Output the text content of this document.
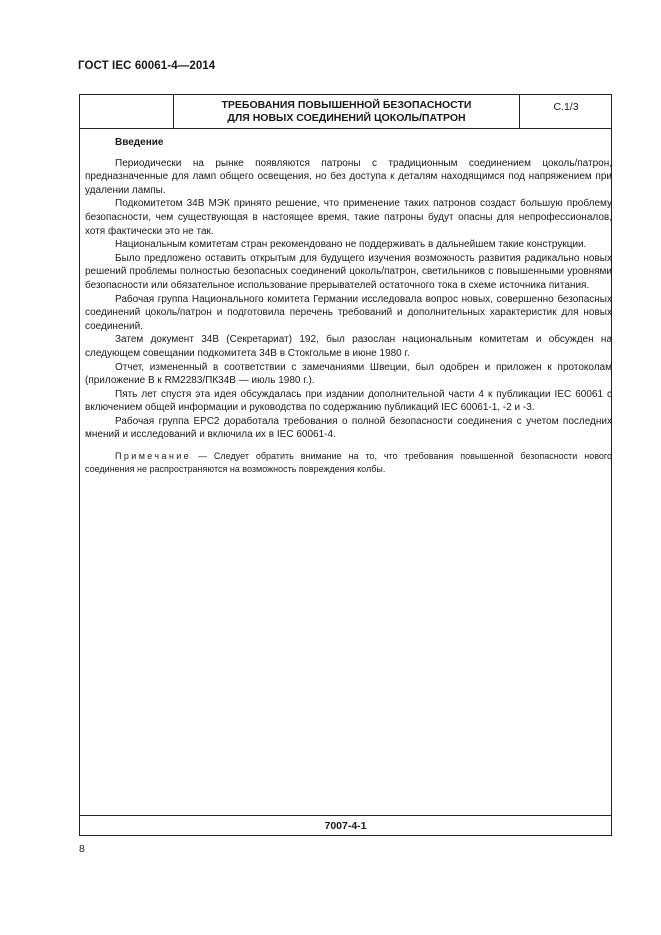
ГОСТ IEC 60061-4—2014
ТРЕБОВАНИЯ ПОВЫШЕННОЙ БЕЗОПАСНОСТИ
ДЛЯ НОВЫХ СОЕДИНЕНИЙ ЦОКОЛЬ/ПАТРОН
С.1/3

Введение

Периодически на рынке появляются патроны с традиционным соединением цоколь/патрон, предназначенные для ламп общего освещения, но без доступа к деталям находящимся под напряжением при удалении лампы.

Подкомитетом 34В МЭК принято решение, что применение таких патронов создаст большую проблему безопасности, чем существующая в настоящее время, такие патроны будут опасны для непрофессионалов, хотя фактически это не так.

Национальным комитетам стран рекомендовано не поддерживать в дальнейшем такие конструкции.

Было предложено оставить открытым для будущего изучения возможность развития радикально новых решений проблемы полностью безопасных соединений цоколь/патрон, светильников с повышенными уровнями безопасности или обязательное использование прерывателей остаточного тока в схеме источника питания.

Рабочая группа Национального комитета Германии исследовала вопрос новых, совершенно безопасных соединений цоколь/патрон и подготовила перечень требований и дополнительных характеристик для новых соединений.

Затем документ 34В (Секретариат) 192, был разослан национальным комитетам и обсужден на следующем совещании подкомитета 34В в Стокгольме в июне 1980 г.

Отчет, измененный в соответствии с замечаниями Швеции, был одобрен и приложен к протоколам (приложение В к RM2283/ПК34В — июль 1980 г.).

Пять лет спустя эта идея обсуждалась при издании дополнительной части 4 к публикации IEC 60061 с включением общей информации и руководства по содержанию публикаций IEC 60061-1, -2 и -3.

Рабочая группа ЕРС2 доработала требования о полной безопасности соединения с учетом последних мнений и исследований и включила их в IEC 60061-4.

Примечание — Следует обратить внимание на то, что требования повышенной безопасности нового соединения не распространяются на возможность повреждения колбы.

7007-4-1
8
